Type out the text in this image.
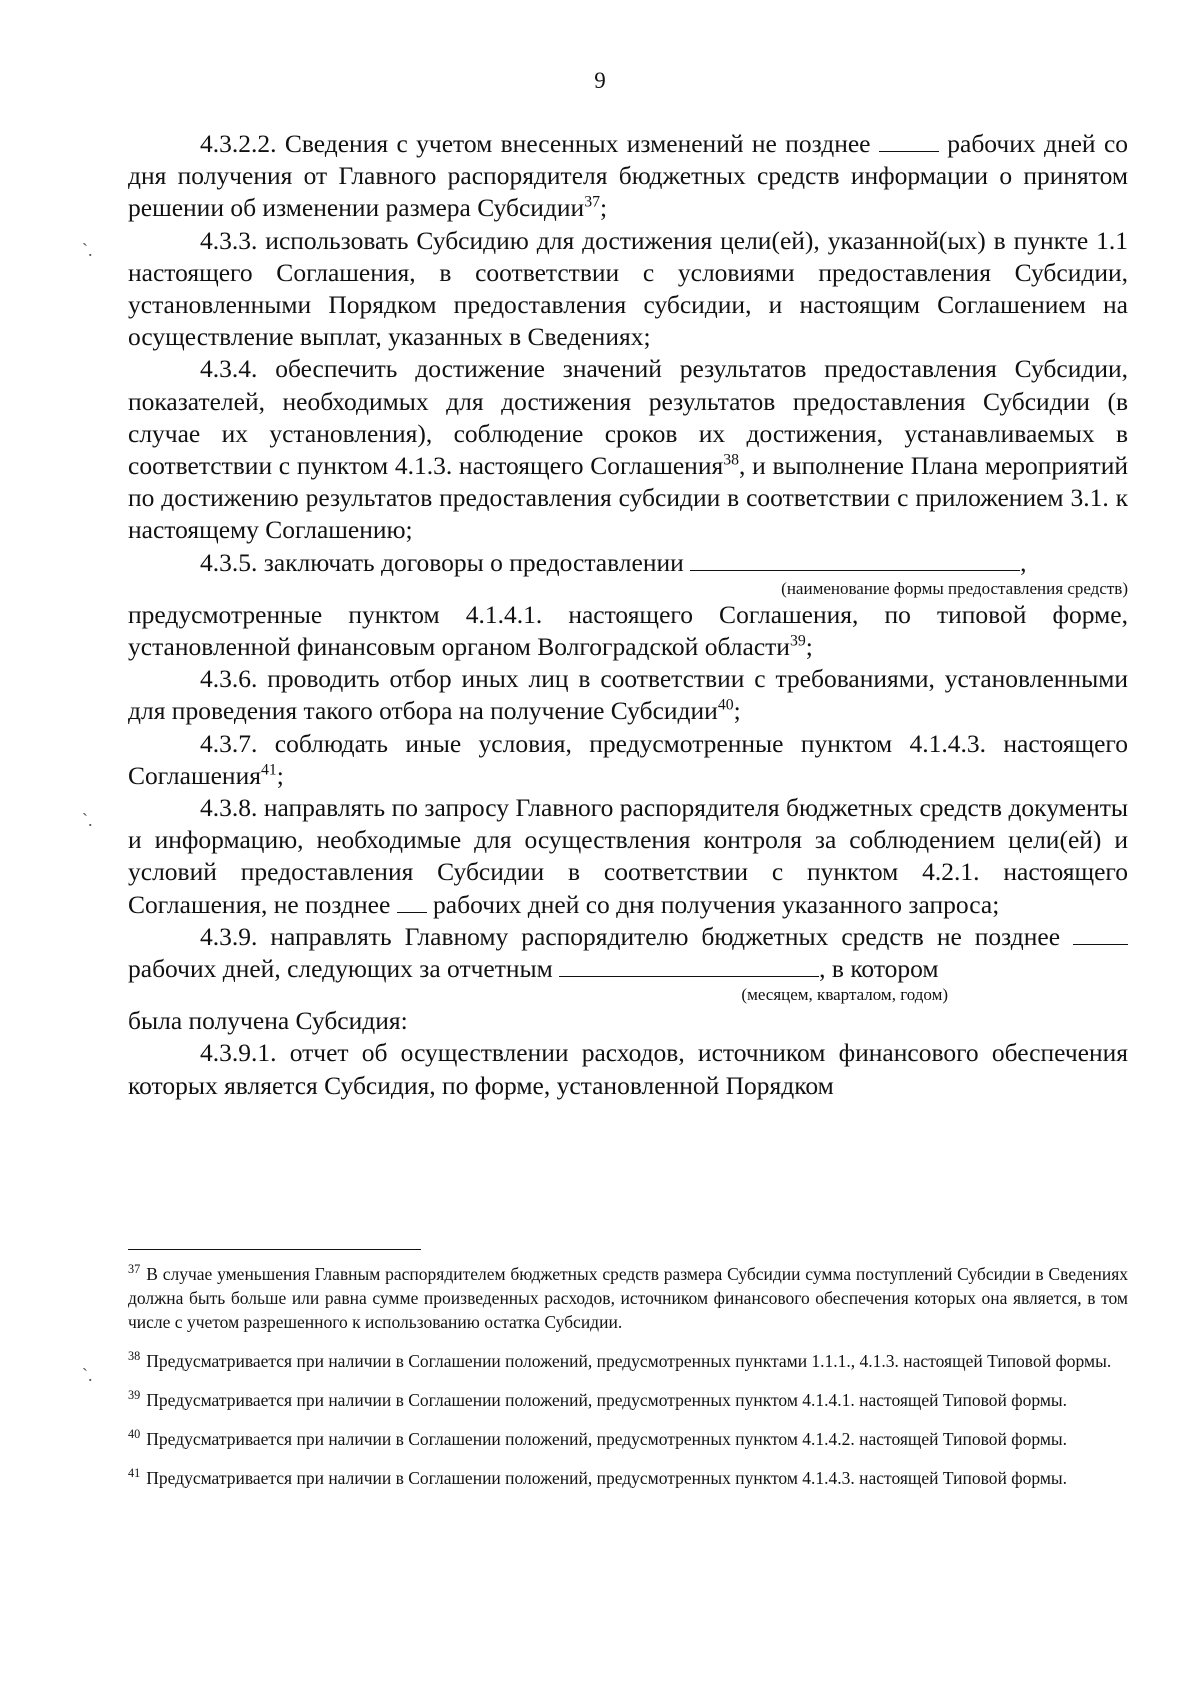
9

4.3.2.2. Сведения с учетом внесенных изменений не позднее	рабочих дней со дня получения от Главного распорядителя бюджетных средств информации о принятом решении об изменении размера Субсидии$^{37}$;

4.3.3. использовать Субсидию для достижения цели(ей), указанной(ых) в пункте 1.1 настоящего Соглашения, в соответствии с условиями предоставления Субсидии, установленными Порядком предоставления субсидии, и настоящим Соглашением на осуществление выплат, указанных в Сведениях;

4.3.4. обеспечить достижение значений результатов предоставления Субсидии, показателей, необходимых для достижения результатов предоставления Субсидии (в случае их установления), соблюдение сроков их достижения, устанавливаемых в соответствии с пунктом 4.1.3. настоящего Соглашения$^{38}$, и выполнение Плана мероприятий по достижению результатов предоставления субсидии в соответствии с приложением 3.1. к настоящему Соглашению;

4.3.5. заключать договоры о предоставлении	,

(наименование формы предоставления средств)

предусмотренные пунктом 4.1.4.1. настоящего Соглашения, по типовой форме, установленной финансовым органом Волгоградской области$^{39}$;

4.3.6. проводить отбор иных лиц в соответствии с требованиями, установленными для проведения такого отбора на получение Субсидии$^{40}$;

4.3.7. соблюдать иные условия, предусмотренные пунктом 4.1.4.3. настоящего Соглашения$^{41}$;

4.3.8. направлять по запросу Главного распорядителя бюджетных средств документы и информацию, необходимые для осуществления контроля за соблюдением цели(ей) и условий предоставления Субсидии в соответствии с пунктом 4.2.1. настоящего Соглашения, не позднее рабочих дней со дня получения указанного запроса;

4.3.9. направлять Главному распорядителю бюджетных средств не позднее  рабочих дней, следующих за отчетным	, в котором

(месяцем, кварталом, годом)

была получена Субсидия:

4.3.9.1. отчет об осуществлении расходов, источником финансового обеспечения которых является Субсидия, по форме, установленной Порядком

$^{37}$ В случае уменьшения Главным распорядителем бюджетных средств размера Субсидии сумма поступлений Субсидии в Сведениях должна быть больше или равна сумме произведенных расходов, источником финансового обеспечения которых она является, в том числе с учетом разрешенного к использованию остатка Субсидии.

$^{38}$ Предусматривается при наличии в Соглашении положений, предусмотренных пунктами 1.1.1., 4.1.3. настоящей Типовой формы.

$^{39}$ Предусматривается при наличии в Соглашении положений, предусмотренных пунктом 4.1.4.1. настоящей Типовой формы.

$^{40}$ Предусматривается при наличии в Соглашении положений, предусмотренных пунктом 4.1.4.2. настоящей Типовой формы.

$^{41}$ Предусматривается при наличии в Соглашении положений, предусмотренных пунктом 4.1.4.3. настоящей Типовой формы.

`.
`.
`.
